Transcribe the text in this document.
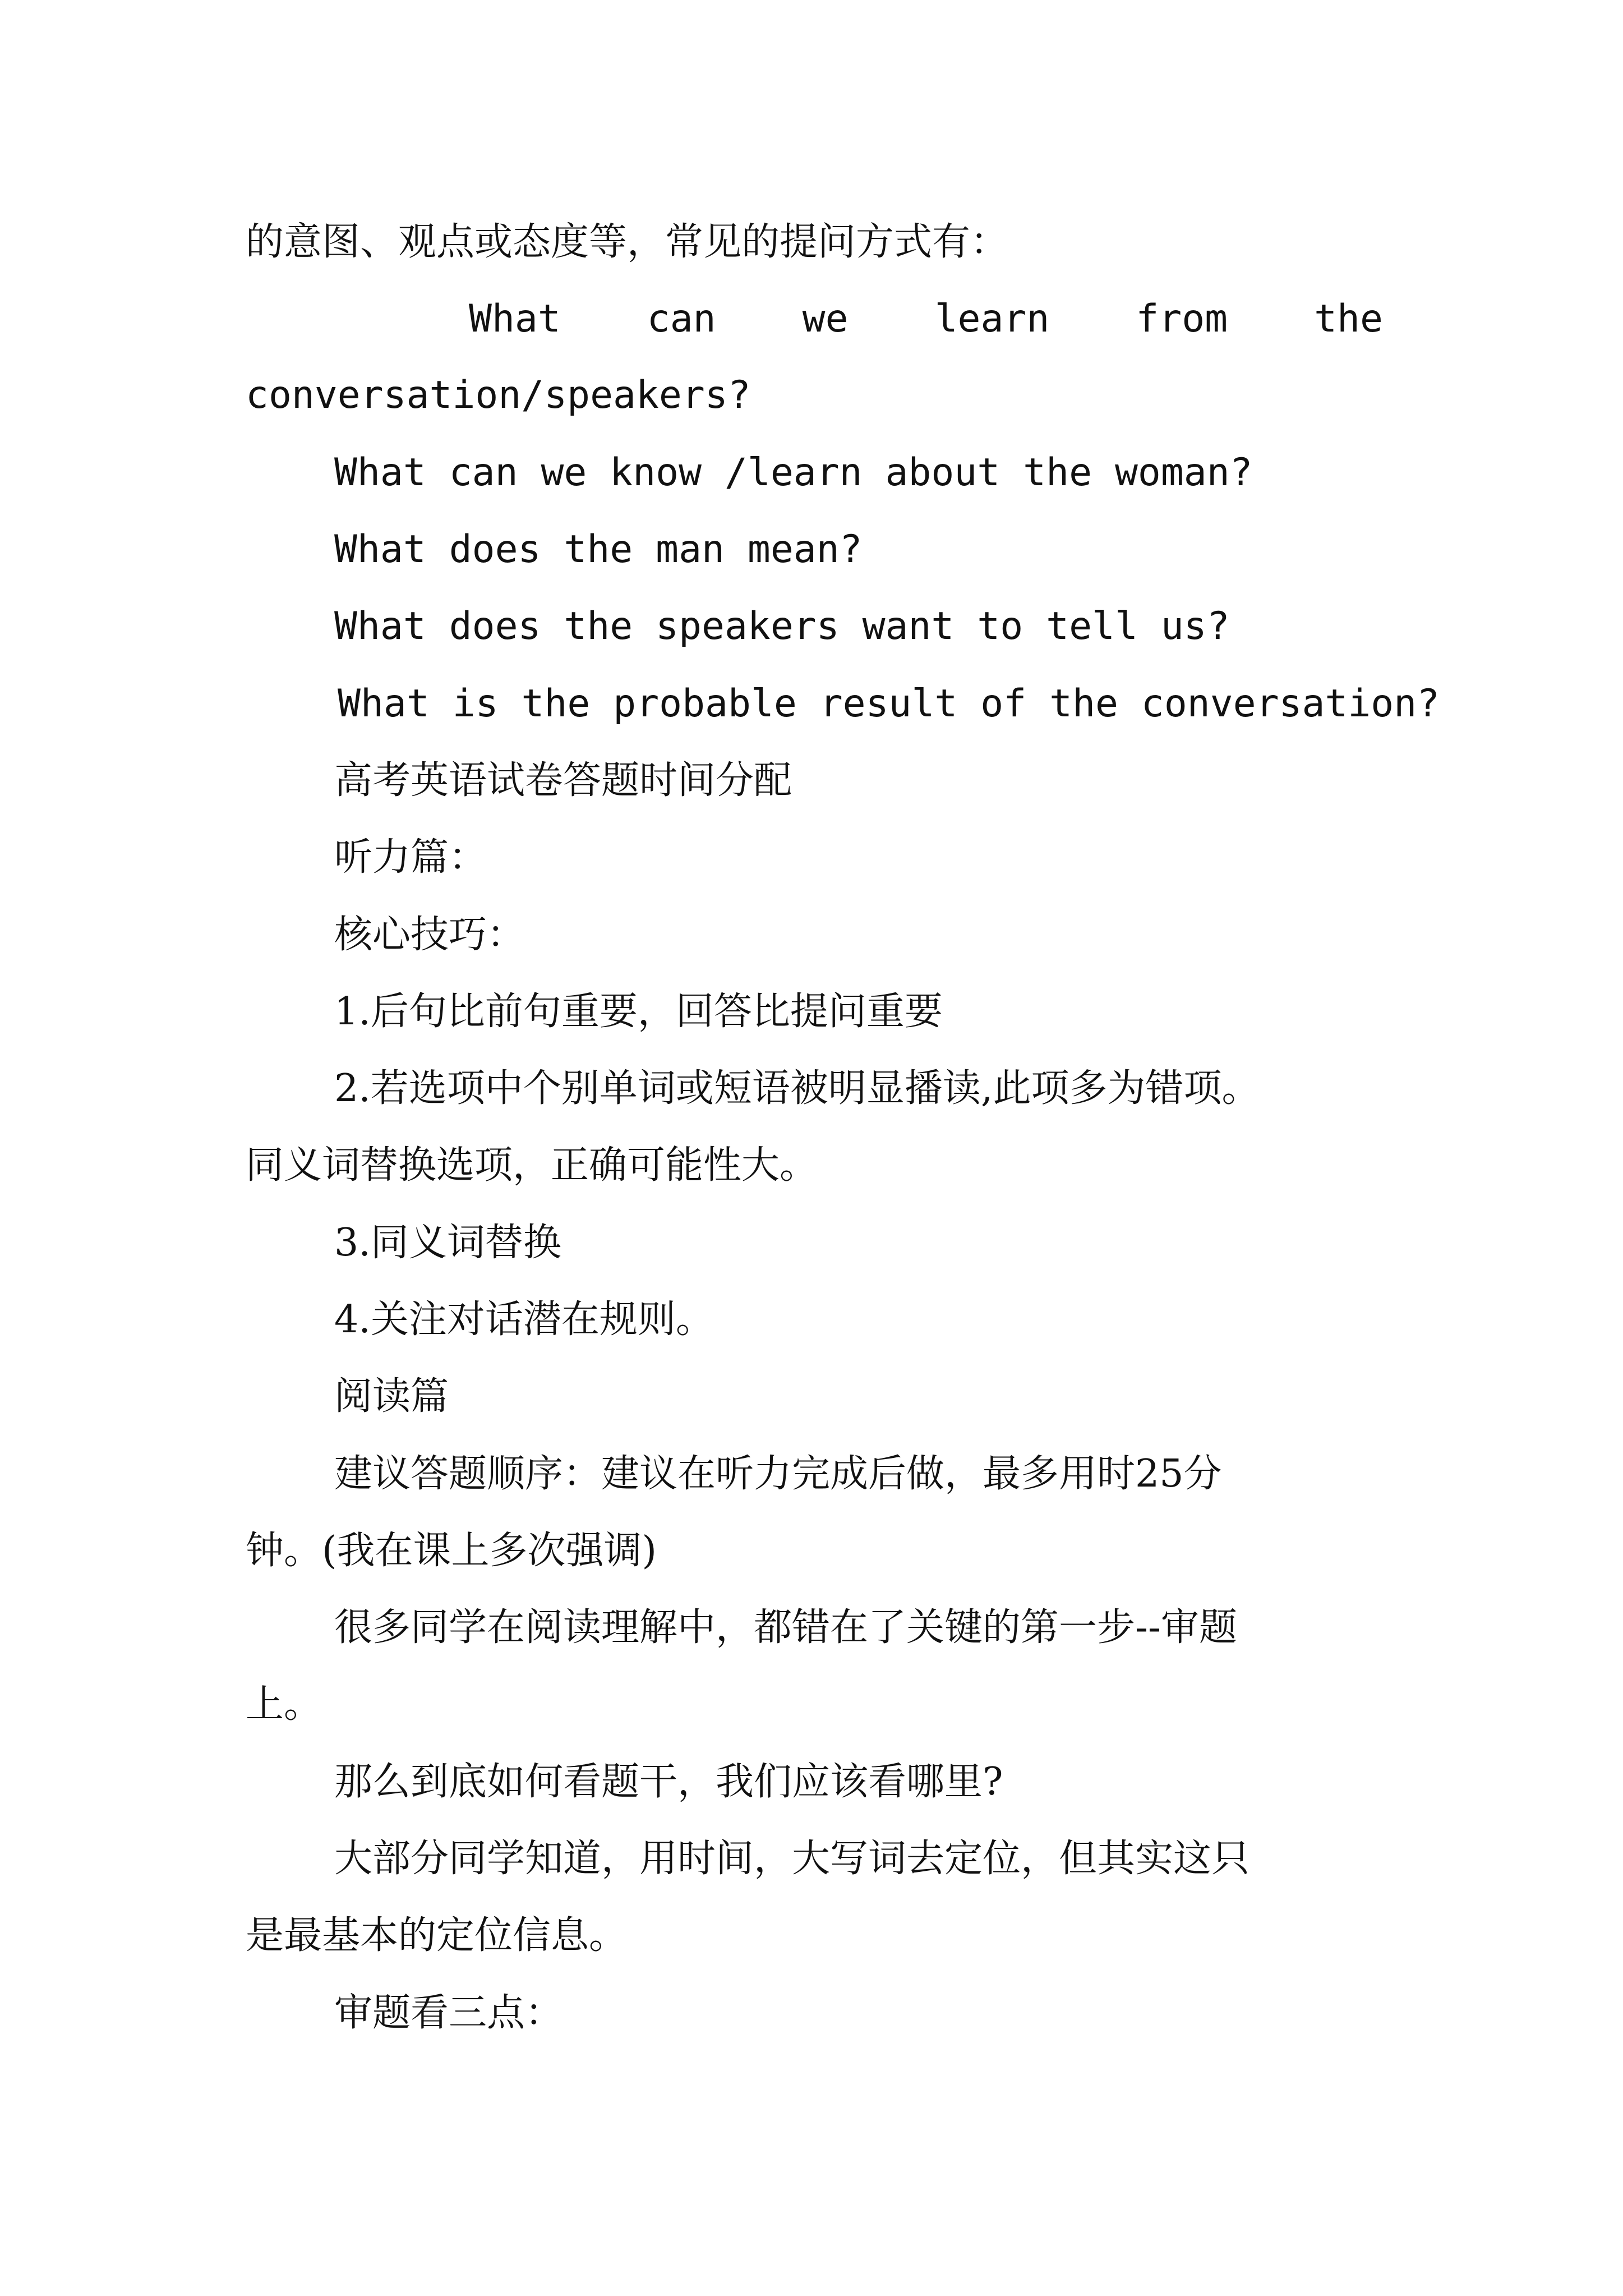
的意图、观点或态度等，常见的提问方式有：
What can we learn from the
conversation/speakers?
What can we know /learn about the woman?
What does the man mean?
What does the speakers want to tell us?
What is the probable result of the conversation?
高考英语试卷答题时间分配
听力篇：
核心技巧：
1.后句比前句重要，回答比提问重要
2.若选项中个别单词或短语被明显播读,此项多为错项。
同义词替换选项，正确可能性大。
3.同义词替换
4.关注对话潜在规则。
阅读篇
建议答题顺序：建议在听力完成后做，最多用时25分
钟。(我在课上多次强调)
很多同学在阅读理解中，都错在了关键的第一步--审题
上。
那么到底如何看题干，我们应该看哪里?
大部分同学知道，用时间，大写词去定位，但其实这只
是最基本的定位信息。
审题看三点：
